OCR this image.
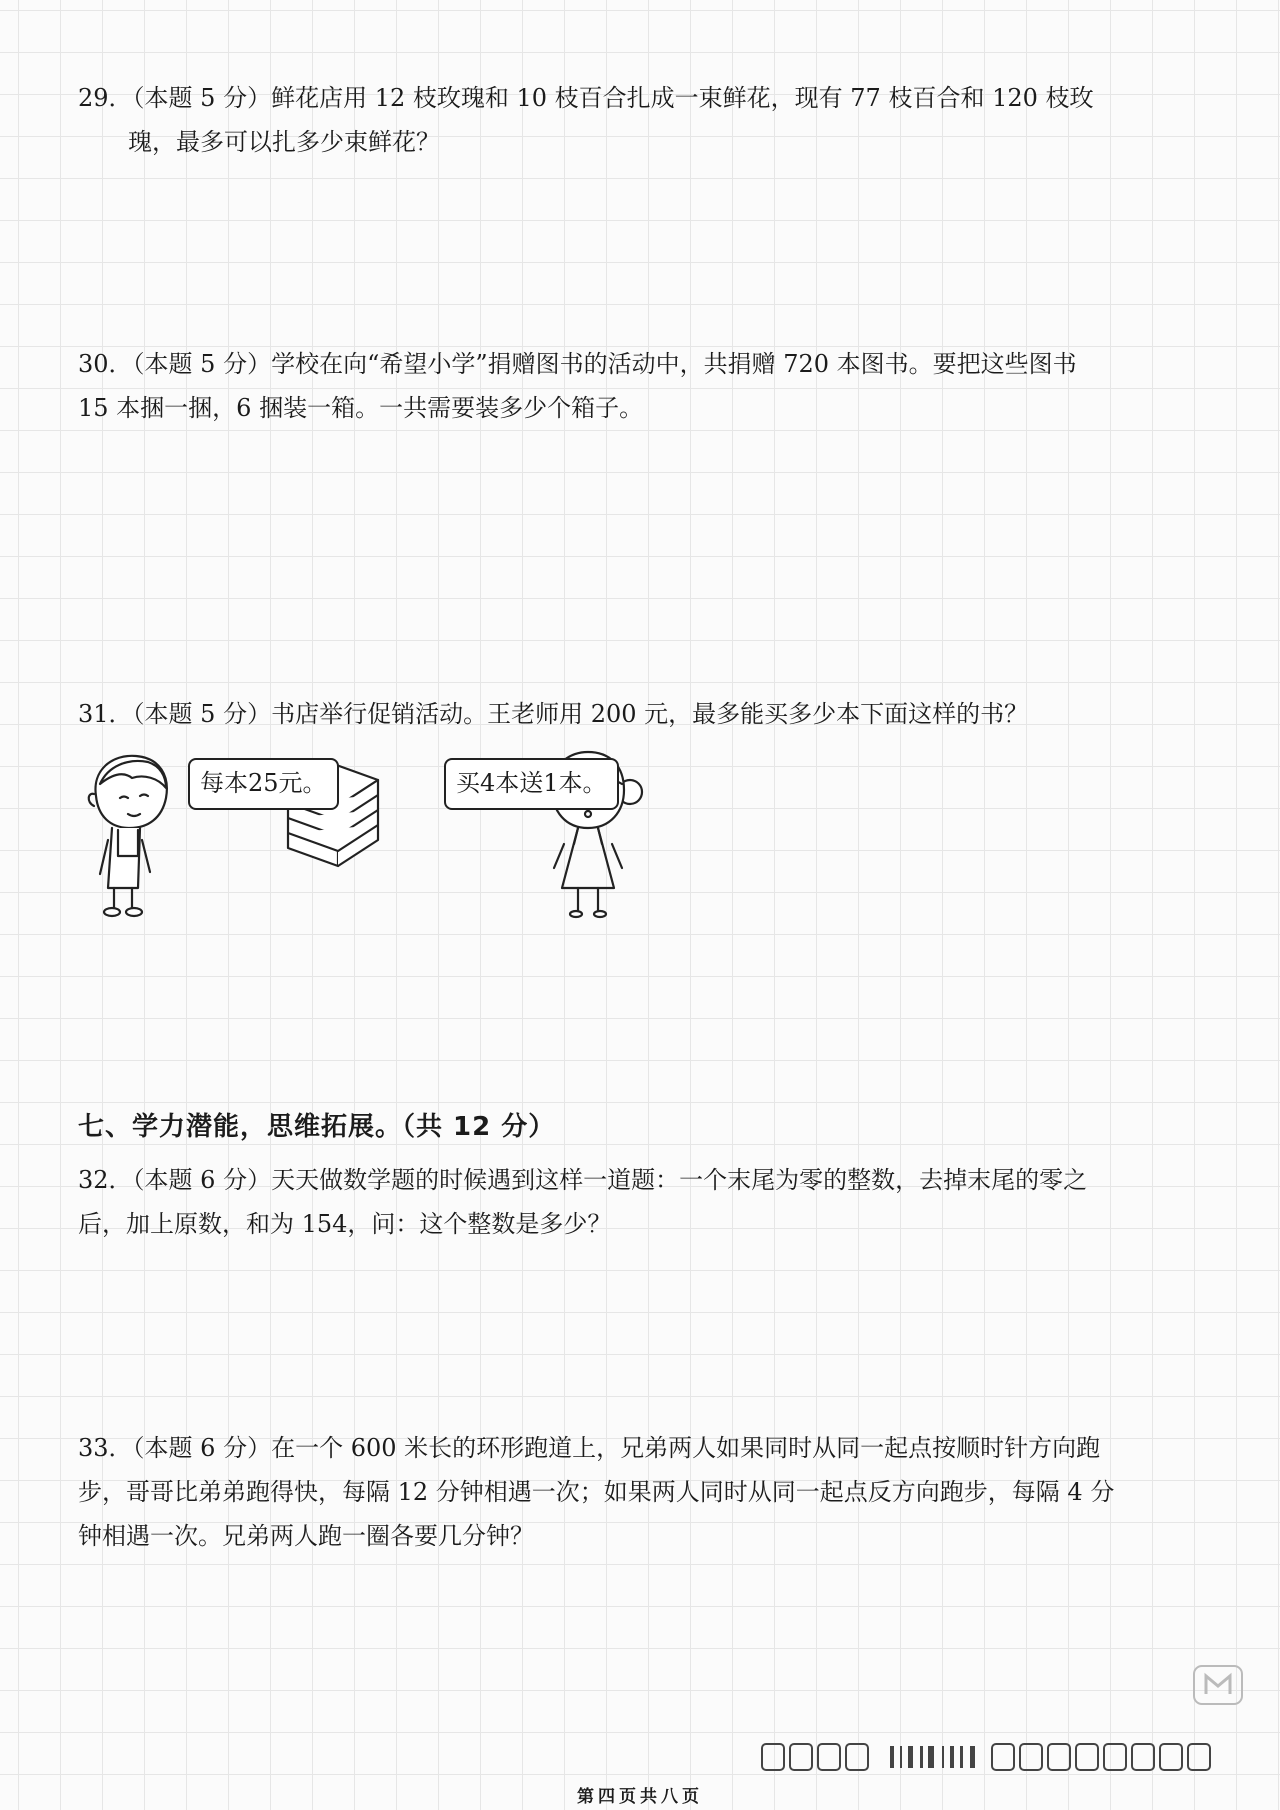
29．（本题 5 分）鲜花店用 12 枝玫瑰和 10 枝百合扎成一束鲜花，现有 77 枝百合和 120 枝玫

瑰，最多可以扎多少束鲜花？

30．（本题 5 分）学校在向“希望小学”捐赠图书的活动中，共捐赠 720 本图书。要把这些图书

15 本捆一捆，6 捆装一箱。一共需要装多少个箱子。

31．（本题 5 分）书店举行促销活动。王老师用 200 元，最多能买多少本下面这样的书？

每本25元。	买4本送1本。
七、学力潜能，思维拓展。（共 12 分）

32．（本题 6 分）天天做数学题的时候遇到这样一道题：一个末尾为零的整数，去掉末尾的零之

后，加上原数，和为 154，问：这个整数是多少？

33．（本题 6 分）在一个 600 米长的环形跑道上，兄弟两人如果同时从同一起点按顺时针方向跑

步，哥哥比弟弟跑得快，每隔 12 分钟相遇一次；如果两人同时从同一起点反方向跑步，每隔 4 分

钟相遇一次。兄弟两人跑一圈各要几分钟？

第四页共八页
